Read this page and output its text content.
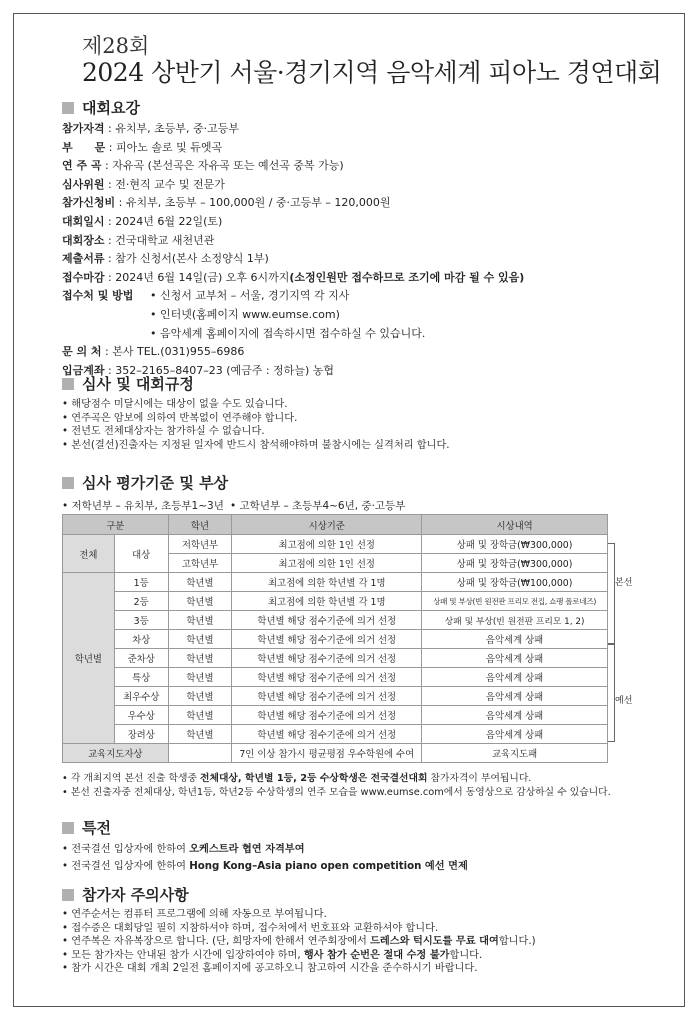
제28회
2024 상반기 서울·경기지역 음악세계 피아노 경연대회
대회요강
참가자격 : 유치부, 초등부, 중·고등부
부　　문 : 피아노 솔로 및 듀엣곡
연 주 곡 : 자유곡 (본선곡은 자유곡 또는 예선곡 중복 가능)
심사위원 : 전·현직 교수 및 전문가
참가신청비 : 유치부, 초등부 – 100,000원 / 중·고등부 – 120,000원
대회일시 : 2024년 6월 22일(토)
대회장소 : 건국대학교 새천년관
제출서류 : 참가 신청서(본사 소정양식 1부)
접수마감 : 2024년 6월 14일(금) 오후 6시까지(소정인원만 접수하므로 조기에 마감 될 수 있음)
접수처 및 방법 • 신청서 교부처 – 서울, 경기지역 각 지사
• 인터넷(홈페이지 www.eumse.com)
• 음악세계 홈페이지에 접속하시면 접수하실 수 있습니다.
문 의 처 : 본사 TEL.(031)955–6986
입금계좌 : 352–2165–8407–23 (예금주 : 정하늘) 농협
심사 및 대회규정
• 해당점수 미달시에는 대상이 없을 수도 있습니다.
• 연주곡은 암보에 의하여 반복없이 연주해야 합니다.
• 전년도 전체대상자는 참가하실 수 없습니다.
• 본선(결선)진출자는 지정된 일자에 반드시 참석해야하며 불참시에는 실격처리 합니다.
심사 평가기준 및 부상
• 저학년부 – 유치부, 초등부1~3년 • 고학년부 – 초등부4~6년, 중·고등부
구분		학년	시상기준	시상내역
전체	대상	저학년부	최고점에 의한 1인 선정	상패 및 장학금(₩300,000)
		고학년부	최고점에 의한 1인 선정	상패 및 장학금(₩300,000)
학년별	1등	학년별	최고점에 의한 학년별 각 1명	상패 및 장학금(₩100,000)
	2등	학년별	최고점에 의한 학년별 각 1명	상패 및 부상(빈 원전판 프리모 전집, 쇼팽 폴로네즈)
	3등	학년별	학년별 해당 점수기준에 의거 선정	상패 및 부상(빈 원전판 프리모 1, 2)
	차상	학년별	학년별 해당 점수기준에 의거 선정	음악세계 상패
	준차상	학년별	학년별 해당 점수기준에 의거 선정	음악세계 상패
	특상	학년별	학년별 해당 점수기준에 의거 선정	음악세계 상패
	최우수상	학년별	학년별 해당 점수기준에 의거 선정	음악세계 상패
	우수상	학년별	학년별 해당 점수기준에 의거 선정	음악세계 상패
	장려상	학년별	학년별 해당 점수기준에 의거 선정	음악세계 상패
교육지도자상			7인 이상 참가시 평균평점 우수학원에 수여	교육지도패
본선
예선
• 각 개최지역 본선 진출 학생중 전체대상, 학년별 1등, 2등 수상학생은 전국결선대회 참가자격이 부여됩니다.
• 본선 진출자중 전체대상, 학년1등, 학년2등 수상학생의 연주 모습을 www.eumse.com에서 동영상으로 감상하실 수 있습니다.
특전
• 전국결선 입상자에 한하여 오케스트라 협연 자격부여
• 전국결선 입상자에 한하여 Hong Kong–Asia piano open competition 예선 면제
참가자 주의사항
• 연주순서는 컴퓨터 프로그램에 의해 자동으로 부여됩니다.
• 접수증은 대회당일 필히 지참하셔야 하며, 접수처에서 번호표와 교환하셔야 합니다.
• 연주복은 자유복장으로 합니다. (단, 희망자에 한해서 연주회장에서 드레스와 턱시도를 무료 대여합니다.)
• 모든 참가자는 안내된 참가 시간에 입장하여야 하며, 행사 참가 순번은 절대 수정 불가합니다.
• 참가 시간은 대회 개최 2일전 홈페이지에 공고하오니 참고하여 시간을 준수하시기 바랍니다.
